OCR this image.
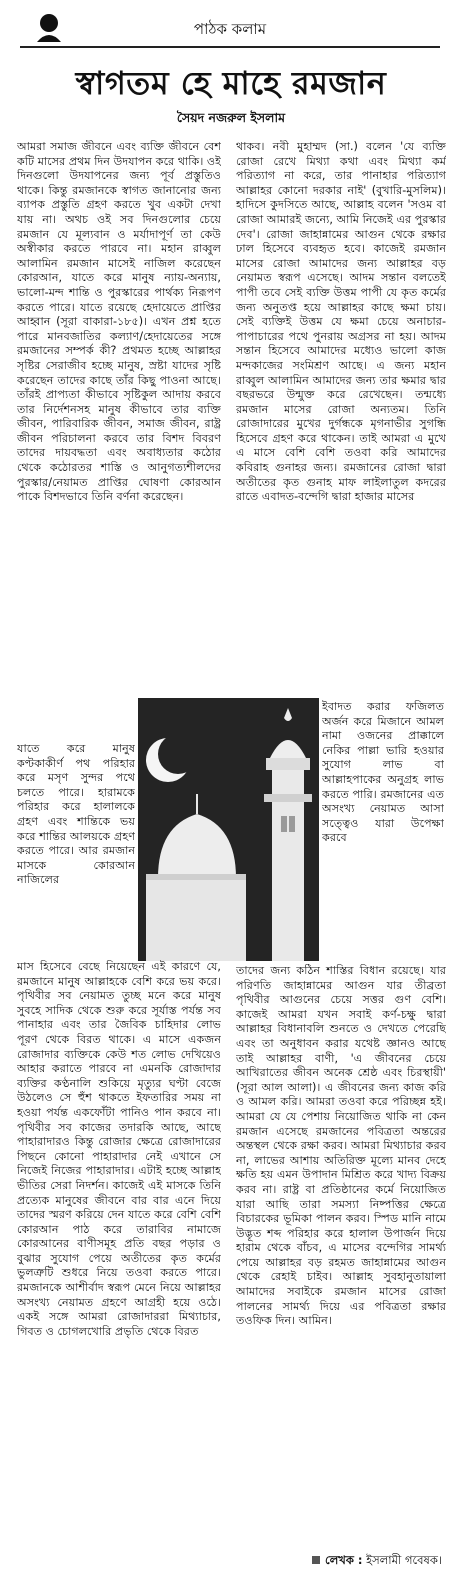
পাঠক কলাম
স্বাগতম হে মাহে রমজান
সৈয়দ নজরুল ইসলাম

আমরা সমাজ জীবনে এবং ব্যক্তি জীবনে বেশ কটি মাসের প্রথম দিন উদযাপন করে থাকি। ওই দিনগুলো উদযাপনের জন্য পূর্ব প্রস্তুতিও থাকে। কিন্তু রমজানকে স্বাগত জানানোর জন্য ব্যাপক প্রস্তুতি গ্রহণ করতে খুব একটা দেখা যায় না। অথচ ওই সব দিনগুলোর চেয়ে রমজান যে মূল্যবান ও মর্যাদাপূর্ণ তা কেউ অস্বীকার করতে পারবে না। মহান রাব্বুল আলামিন রমজান মাসেই নাজিল করেছেন কোরআন, যাতে করে মানুষ ন্যায়-অন্যায়, ভালো-মন্দ শান্তি ও পুরস্কারের পার্থক্য নিরূপণ করতে পারে। যাতে রয়েছে হেদায়েতে প্রাপ্তির আহ্বান (সূরা বাকারা-১৮৫)। এখন প্রশ্ন হতে পারে মানবজাতির কল্যাণ/হেদায়েতের সঙ্গে রমজানের সম্পর্ক কী? প্রথমত হচ্ছে আল্লাহর সৃষ্টির সেরাজীব হচ্ছে মানুষ, স্রষ্টা যাদের সৃষ্টি করেছেন তাদের কাছে তাঁর কিছু পাওনা আছে। তাঁরই প্রাপ্যতা কীভাবে সৃষ্টিকুল আদায় করবে তার নির্দেশনসহ মানুষ কীভাবে তার ব্যক্তি জীবন, পারিবারিক জীবন, সমাজ জীবন, রাষ্ট্র জীবন পরিচালনা করবে তার বিশদ বিবরণ তাদের দায়বদ্ধতা এবং অবাধ্যতার কঠোর থেকে কঠোরতর শাস্তি ও আনুগত্যশীলদের পুরস্কার/নেয়ামত প্রাপ্তির ঘোষণা কোরআন পাকে বিশদভাবে তিনি বর্ণনা করেছেন।

থাকব। নবী মুহাম্মদ (সা.) বলেন 'যে ব্যক্তি রোজা রেখে মিথ্যা কথা এবং মিথ্যা কর্ম পরিত্যাগ না করে, তার পানাহার পরিত্যাগ আল্লাহর কোনো দরকার নাই' (বুখারি-মুসলিম)। হাদিসে কুদসিতে আছে, আল্লাহ বলেন 'সওম বা রোজা আমারই জন্যে, আমি নিজেই এর পুরস্কার দেব'। রোজা জাহান্নামের আগুন থেকে রক্ষার ঢাল হিসেবে ব্যবহৃত হবে। কাজেই রমজান মাসের রোজা আমাদের জন্য আল্লাহর বড় নেয়ামত স্বরূপ এসেছে। আদম সন্তান বলতেই পাপী তবে সেই ব্যক্তি উত্তম পাপী যে কৃত কর্মের জন্য অনুতপ্ত হয়ে আল্লাহর কাছে ক্ষমা চায়। সেই ব্যক্তিই উত্তম যে ক্ষমা চেয়ে অনাচার-পাপাচারের পথে পুনরায় অগ্রসর না হয়। আদম সন্তান হিসেবে আমাদের মধ্যেও ভালো কাজ মন্দকাজের সংমিশ্রণ আছে। এ জন্য মহান রাব্বুল আলামিন আমাদের জন্য তার ক্ষমার দ্বার বছরভরে উন্মুক্ত করে রেখেছেন। তন্মধ্যে রমজান মাসের রোজা অন্যতম। তিনি রোজাদারের মুখের দুর্গন্ধকে মৃগনাভীর সুগন্ধি হিসেবে গ্রহণ করে থাকেন। তাই আমরা এ মুখে এ মাসে বেশি বেশি তওবা করি আমাদের কবিরাহ গুনাহর জন্য। রমজানের রোজা দ্বারা অতীতের কৃত গুনাহ মাফ লাইলাতুল কদরের রাতে এবাদত-বন্দেগি দ্বারা হাজার মাসের

যাতে করে মানুষ কণ্টকাকীর্ণ পথ পরিহার করে মসৃণ সুন্দর পথে চলতে পারে। হারামকে পরিহার করে হালালকে গ্রহণ এবং শান্তিকে ভয় করে শান্তির আলয়কে গ্রহণ করতে পারে। আর রমজান মাসকে কোরআন নাজিলের

ইবাদত করার ফজিলত অর্জন করে মিজানে আমল নামা ওজনের প্রাক্কালে নেকির পাল্লা ভারি হওয়ার সুযোগ লাভ বা আল্লাহপাকের অনুগ্রহ লাভ করতে পারি। রমজানের এত অসংখ্য নেয়ামত আসা সত্ত্বেও যারা উপেক্ষা করবে

মাস হিসেবে বেছে নিয়েছেন এই কারণে যে, রমজানে মানুষ আল্লাহকে বেশি করে ভয় করে। পৃথিবীর সব নেয়ামত তুচ্ছ মনে করে মানুষ সুবহে সাদিক থেকে শুরু করে সূর্যাস্ত পর্যন্ত সব পানাহার এবং তার জৈবিক চাহিদার লোভ পূরণ থেকে বিরত থাকে। এ মাসে একজন রোজাদার ব্যক্তিকে কেউ শত লোভ দেখিয়েও আহার করাতে পারবে না এমনকি রোজাদার ব্যক্তির কণ্ঠনালি শুকিয়ে মৃত্যুর ঘণ্টা বেজে উঠলেও সে হুঁশ থাকতে ইফতারির সময় না হওয়া পর্যন্ত একফোঁটা পানিও পান করবে না। পৃথিবীর সব কাজের তদারকি আছে, আছে পাহারাদারও কিন্তু রোজার ক্ষেত্রে রোজাদারের পিছনে কোনো পাহারাদার নেই এখানে সে নিজেই নিজের পাহারাদার। এটাই হচ্ছে আল্লাহ ভীতির সেরা নিদর্শন। কাজেই এই মাসকে তিনি প্রত্যেক মানুষের জীবনে বার বার এনে দিয়ে তাদের স্মরণ করিয়ে দেন যাতে করে বেশি বেশি কোরআন পাঠ করে তারাবির নামাজে কোরআনের বাণীসমূহ প্রতি বছর পড়ার ও বুঝার সুযোগ পেয়ে অতীতের কৃত কর্মের ভুলত্রুটি শুধরে নিয়ে তওবা করতে পারে। রমজানকে আশীর্বাদ স্বরূপ মেনে নিয়ে আল্লাহর অসংখ্য নেয়ামত গ্রহণে আগ্রহী হয়ে ওঠে। একই সঙ্গে আমরা রোজাদাররা মিথ্যাচার, গিবত ও চোগলখোরি প্রভৃতি থেকে বিরত

তাদের জন্য কঠিন শাস্তির বিধান রয়েছে। যার পরিণতি জাহান্নামের আগুন যার তীব্রতা পৃথিবীর আগুনের চেয়ে সত্তর গুণ বেশি। কাজেই আমরা যখন সবাই কর্ণ-চক্ষু দ্বারা আল্লাহর বিধানাবলি শুনতে ও দেখতে পেরেছি এবং তা অনুধাবন করার যথেষ্ট জ্ঞানও আছে তাই আল্লাহর বাণী, 'এ জীবনের চেয়ে আখিরাতের জীবন অনেক শ্রেষ্ঠ এবং চিরস্থায়ী' (সূরা আল আলা)। এ জীবনের জন্য কাজ করি ও আমল করি। আমরা তওবা করে পরিচ্ছন্ন হই। আমরা যে যে পেশায় নিয়োজিত থাকি না কেন রমজান এসেছে রমজানের পবিত্রতা অন্তরের অন্তস্থল থেকে রক্ষা করব। আমরা মিথ্যাচার করব না, লাভের আশায় অতিরিক্ত মূল্যে মানব দেহে ক্ষতি হয় এমন উপাদান মিশ্রিত করে খাদ্য বিক্রয় করব না। রাষ্ট্র বা প্রতিষ্ঠানের কর্মে নিয়োজিত যারা আছি তারা সমস্যা নিষ্পত্তির ক্ষেত্রে বিচারকের ভূমিকা পালন করব। স্পিড মানি নামে উদ্ভূত শব্দ পরিহার করে হালাল উপার্জন দিয়ে হারাম থেকে বাঁচব, এ মাসের বন্দেগির সামর্থ্য পেয়ে আল্লাহর বড় রহমত জাহান্নামের আগুন থেকে রেহাই চাইব। আল্লাহ সুবহানুতায়ালা আমাদের সবাইকে রমজান মাসের রোজা পালনের সামর্থ্য দিয়ে এর পবিত্রতা রক্ষার তওফিক দিন। আমিন।

লেখক : ইসলামী গবেষক।
